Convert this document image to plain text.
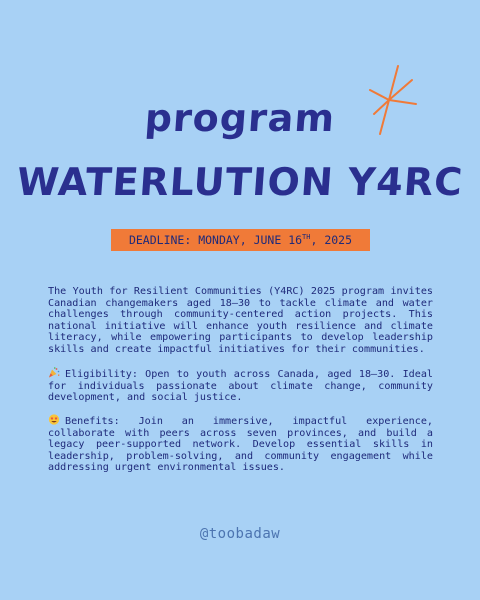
program
WATERLUTION Y4RC
DEADLINE: MONDAY, JUNE 16TH, 2025

The Youth for Resilient Communities (Y4RC) 2025 program invites Canadian changemakers aged 18–30 to tackle climate and water challenges through community-centered action projects. This national initiative will enhance youth resilience and climate literacy, while empowering participants to develop leadership skills and create impactful initiatives for their communities.

Eligibility: Open to youth across Canada, aged 18–30. Ideal for individuals passionate about climate change, community development, and social justice.

Benefits: Join an immersive, impactful experience, collaborate with peers across seven provinces, and build a legacy peer-supported network. Develop essential skills in leadership, problem-solving, and community engagement while addressing urgent environmental issues.

@toobadaw
